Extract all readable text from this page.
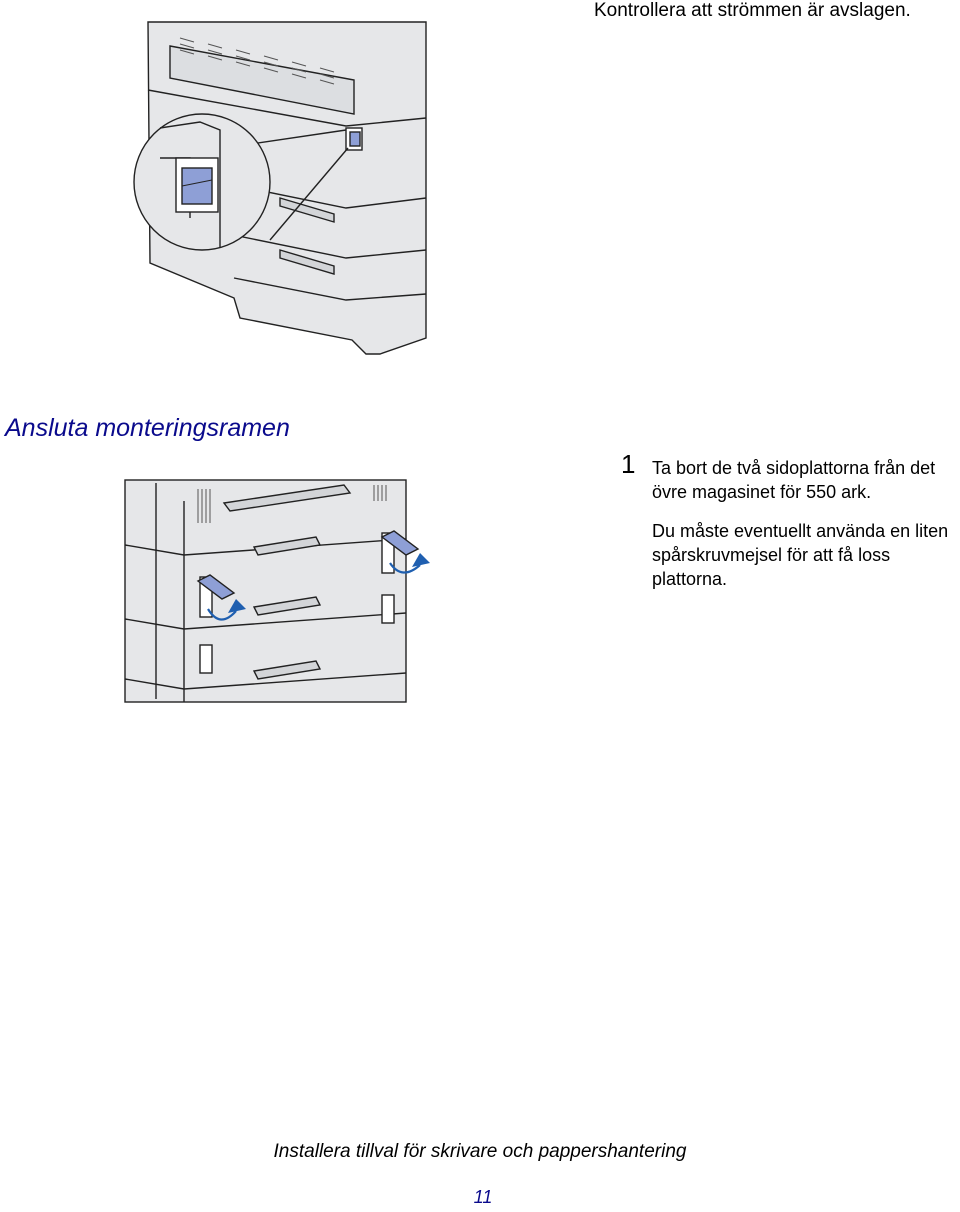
Kontrollera att strömmen är avslagen.
Ansluta monteringsramen
1 Ta bort de två sidoplattorna från det övre magasinet för 550 ark.
Du måste eventuellt använda en liten spårskruvmejsel för att få loss plattorna.
Installera tillval för skrivare och pappershantering
11
